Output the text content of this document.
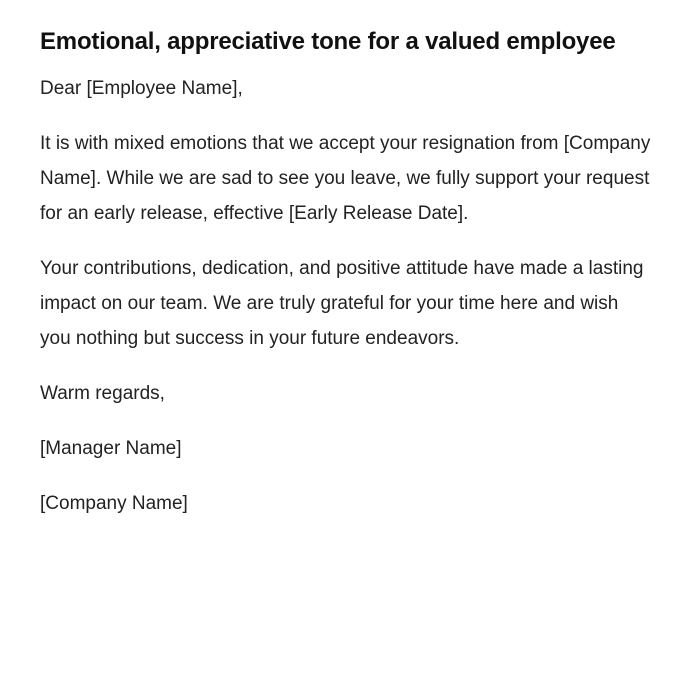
Emotional, appreciative tone for a valued employee

Dear [Employee Name],

It is with mixed emotions that we accept your resignation from [Company Name]. While we are sad to see you leave, we fully support your request for an early release, effective [Early Release Date].

Your contributions, dedication, and positive attitude have made a lasting impact on our team. We are truly grateful for your time here and wish you nothing but success in your future endeavors.

Warm regards,

[Manager Name]

[Company Name]
